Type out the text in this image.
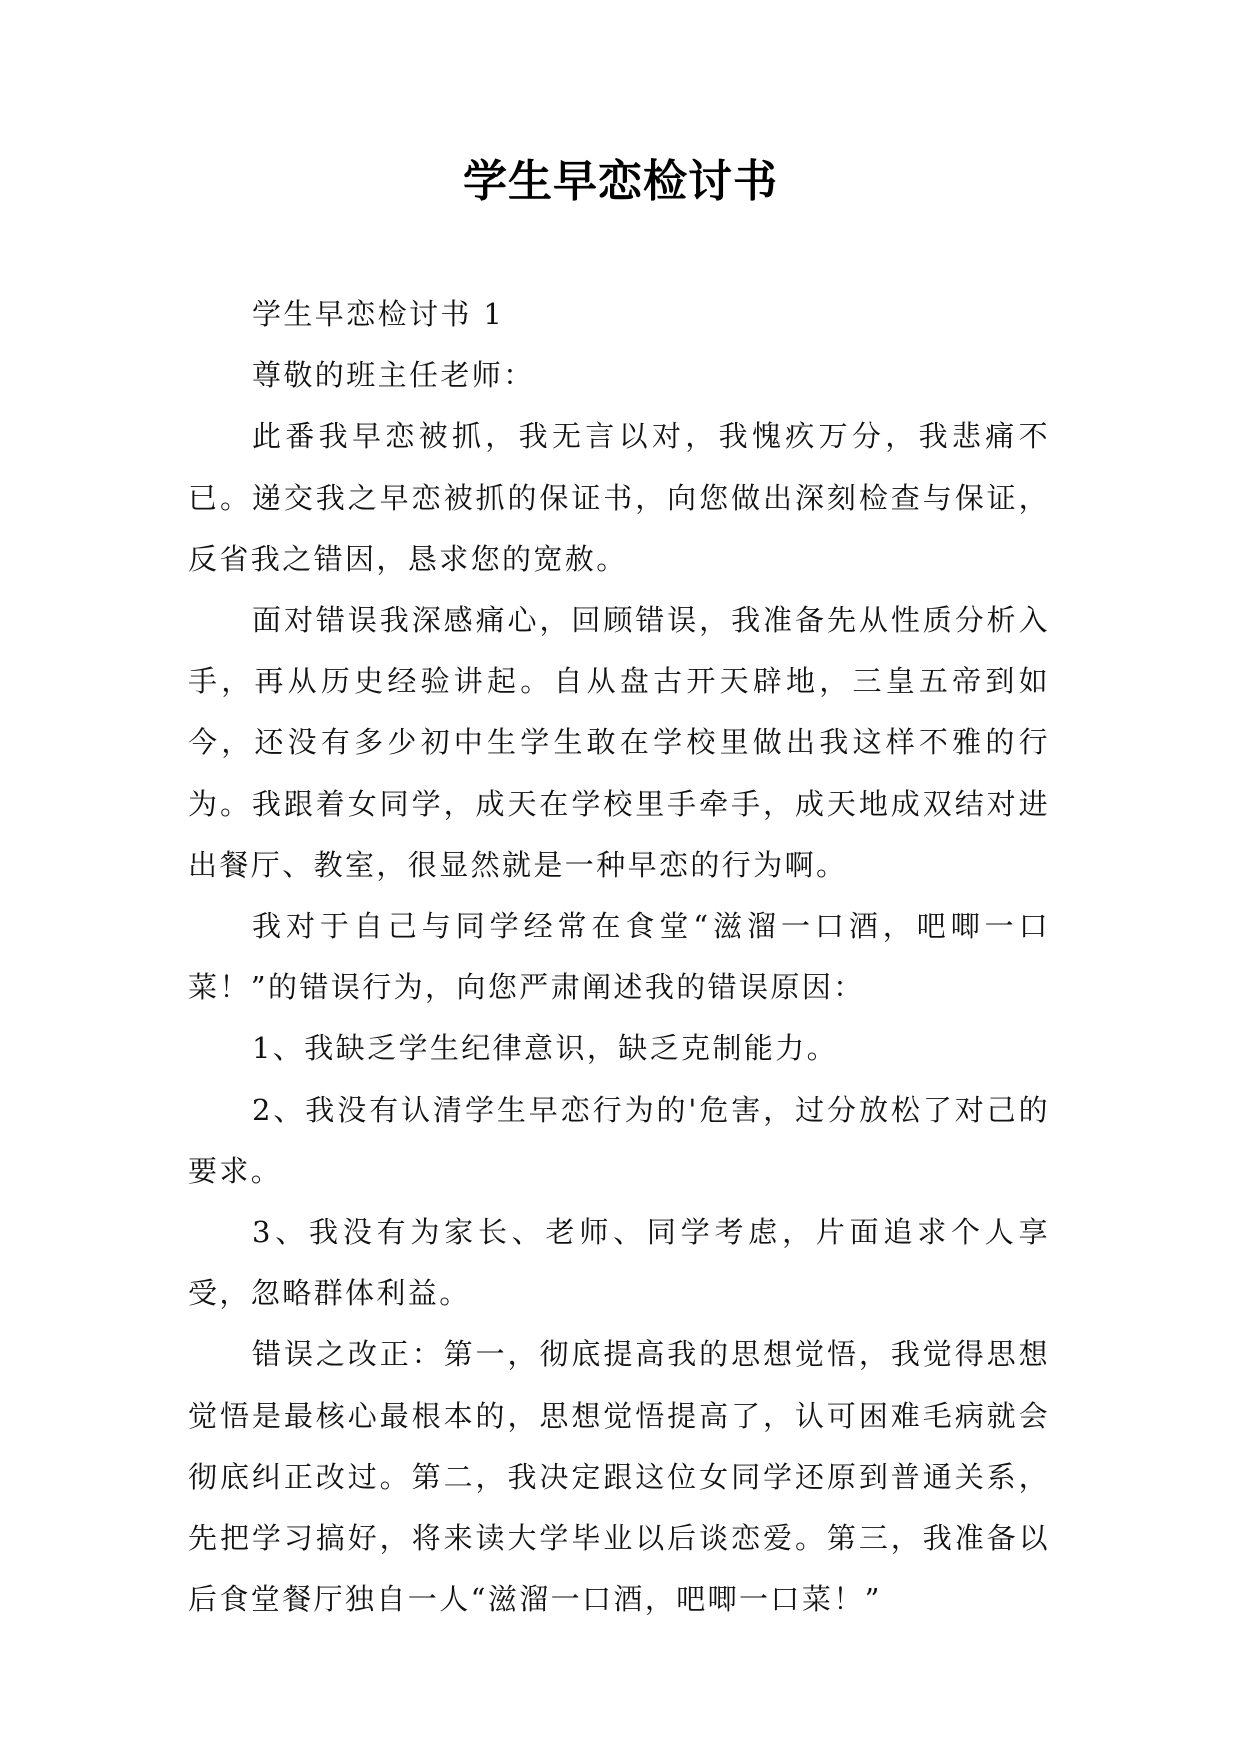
学生早恋检讨书

学生早恋检讨书 1

尊敬的班主任老师：

此番我早恋被抓，我无言以对，我愧疚万分，我悲痛不已。递交我之早恋被抓的保证书，向您做出深刻检查与保证，反省我之错因，恳求您的宽赦。

面对错误我深感痛心，回顾错误，我准备先从性质分析入手，再从历史经验讲起。自从盘古开天辟地，三皇五帝到如今，还没有多少初中生学生敢在学校里做出我这样不雅的行为。我跟着女同学，成天在学校里手牵手，成天地成双结对进出餐厅、教室，很显然就是一种早恋的行为啊。

我对于自己与同学经常在食堂“滋溜一口酒，吧唧一口菜！”的错误行为，向您严肃阐述我的错误原因：

1、我缺乏学生纪律意识，缺乏克制能力。

2、我没有认清学生早恋行为的'危害，过分放松了对己的要求。

3、我没有为家长、老师、同学考虑，片面追求个人享受，忽略群体利益。

错误之改正：第一，彻底提高我的思想觉悟，我觉得思想觉悟是最核心最根本的，思想觉悟提高了，认可困难毛病就会彻底纠正改过。第二，我决定跟这位女同学还原到普通关系，先把学习搞好，将来读大学毕业以后谈恋爱。第三，我准备以后食堂餐厅独自一人“滋溜一口酒，吧唧一口菜！”
